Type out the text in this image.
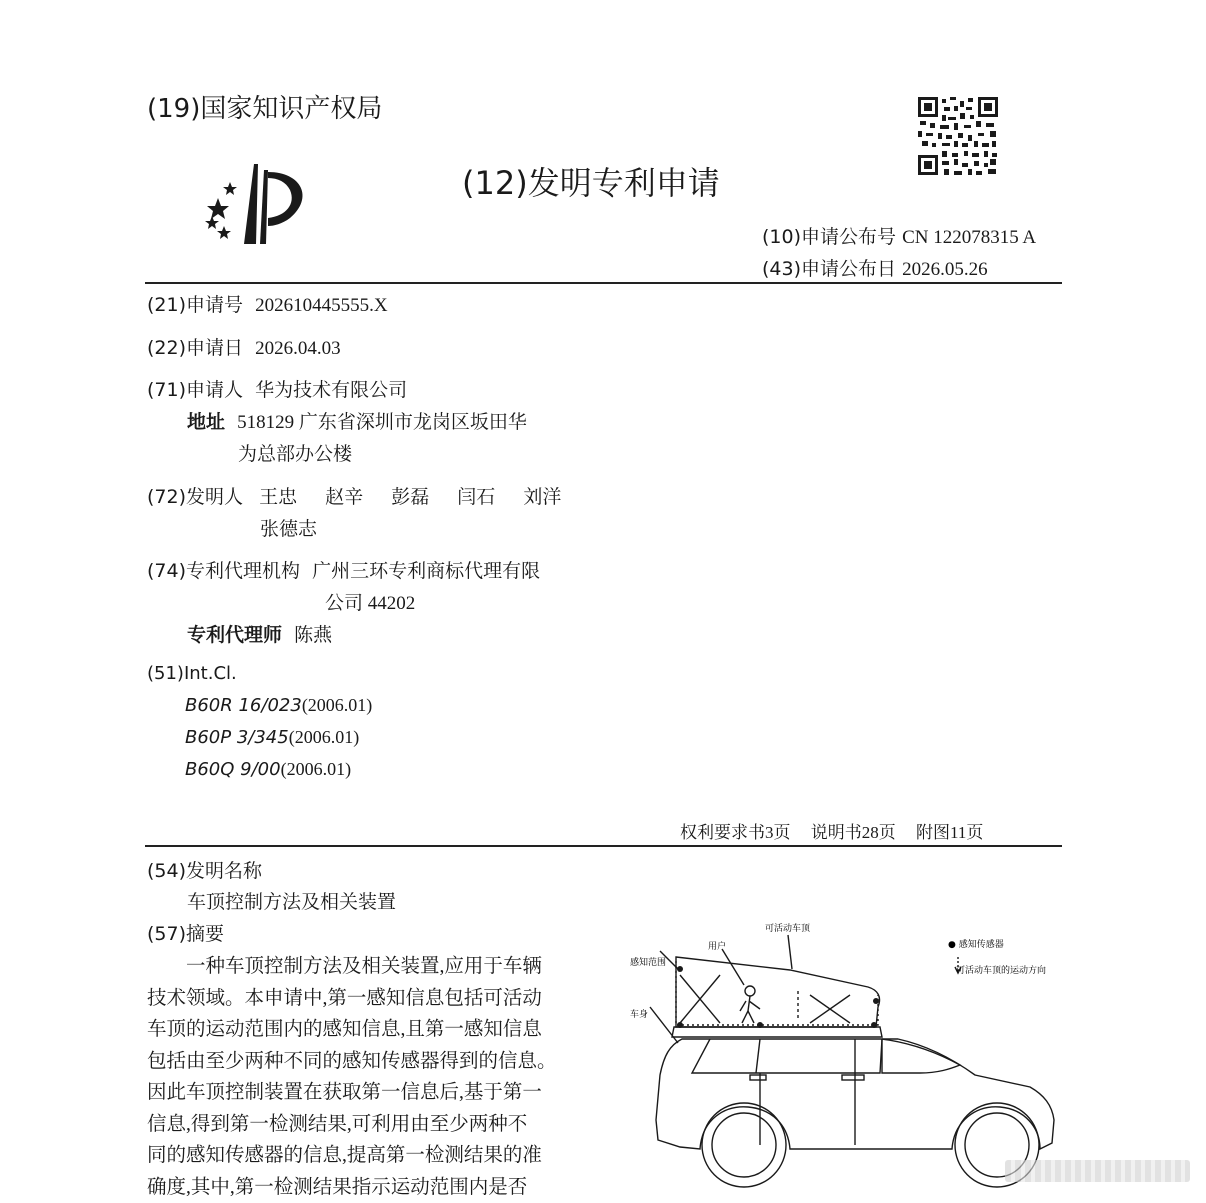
(19)国家知识产权局
(12)发明专利申请
(10)申请公布号 CN 122078315 A
(43)申请公布日 2026.05.26
(21)申请号 202610445555.X
(22)申请日 2026.04.03
(71)申请人 华为技术有限公司
地址 518129 广东省深圳市龙岗区坂田华
为总部办公楼
(72)发明人 王忠 赵辛 彭磊 闫石 刘洋
张德志
(74)专利代理机构 广州三环专利商标代理有限
公司 44202
专利代理师 陈燕
(51)Int.Cl.
B60R 16/023(2006.01)
B60P 3/345(2006.01)
B60Q 9/00(2006.01)
权利要求书3页 说明书28页 附图11页
(54)发明名称
车顶控制方法及相关装置
(57)摘要
一种车顶控制方法及相关装置,应用于车辆
技术领域。本申请中,第一感知信息包括可活动
车顶的运动范围内的感知信息,且第一感知信息
包括由至少两种不同的感知传感器得到的信息。
因此车顶控制装置在获取第一信息后,基于第一
信息,得到第一检测结果,可利用由至少两种不
同的感知传感器的信息,提高第一检测结果的准
确度,其中,第一检测结果指示运动范围内是否
可活动车顶
● 感知传感器
可活动车顶的运动方向
感知范围
用户
车身
